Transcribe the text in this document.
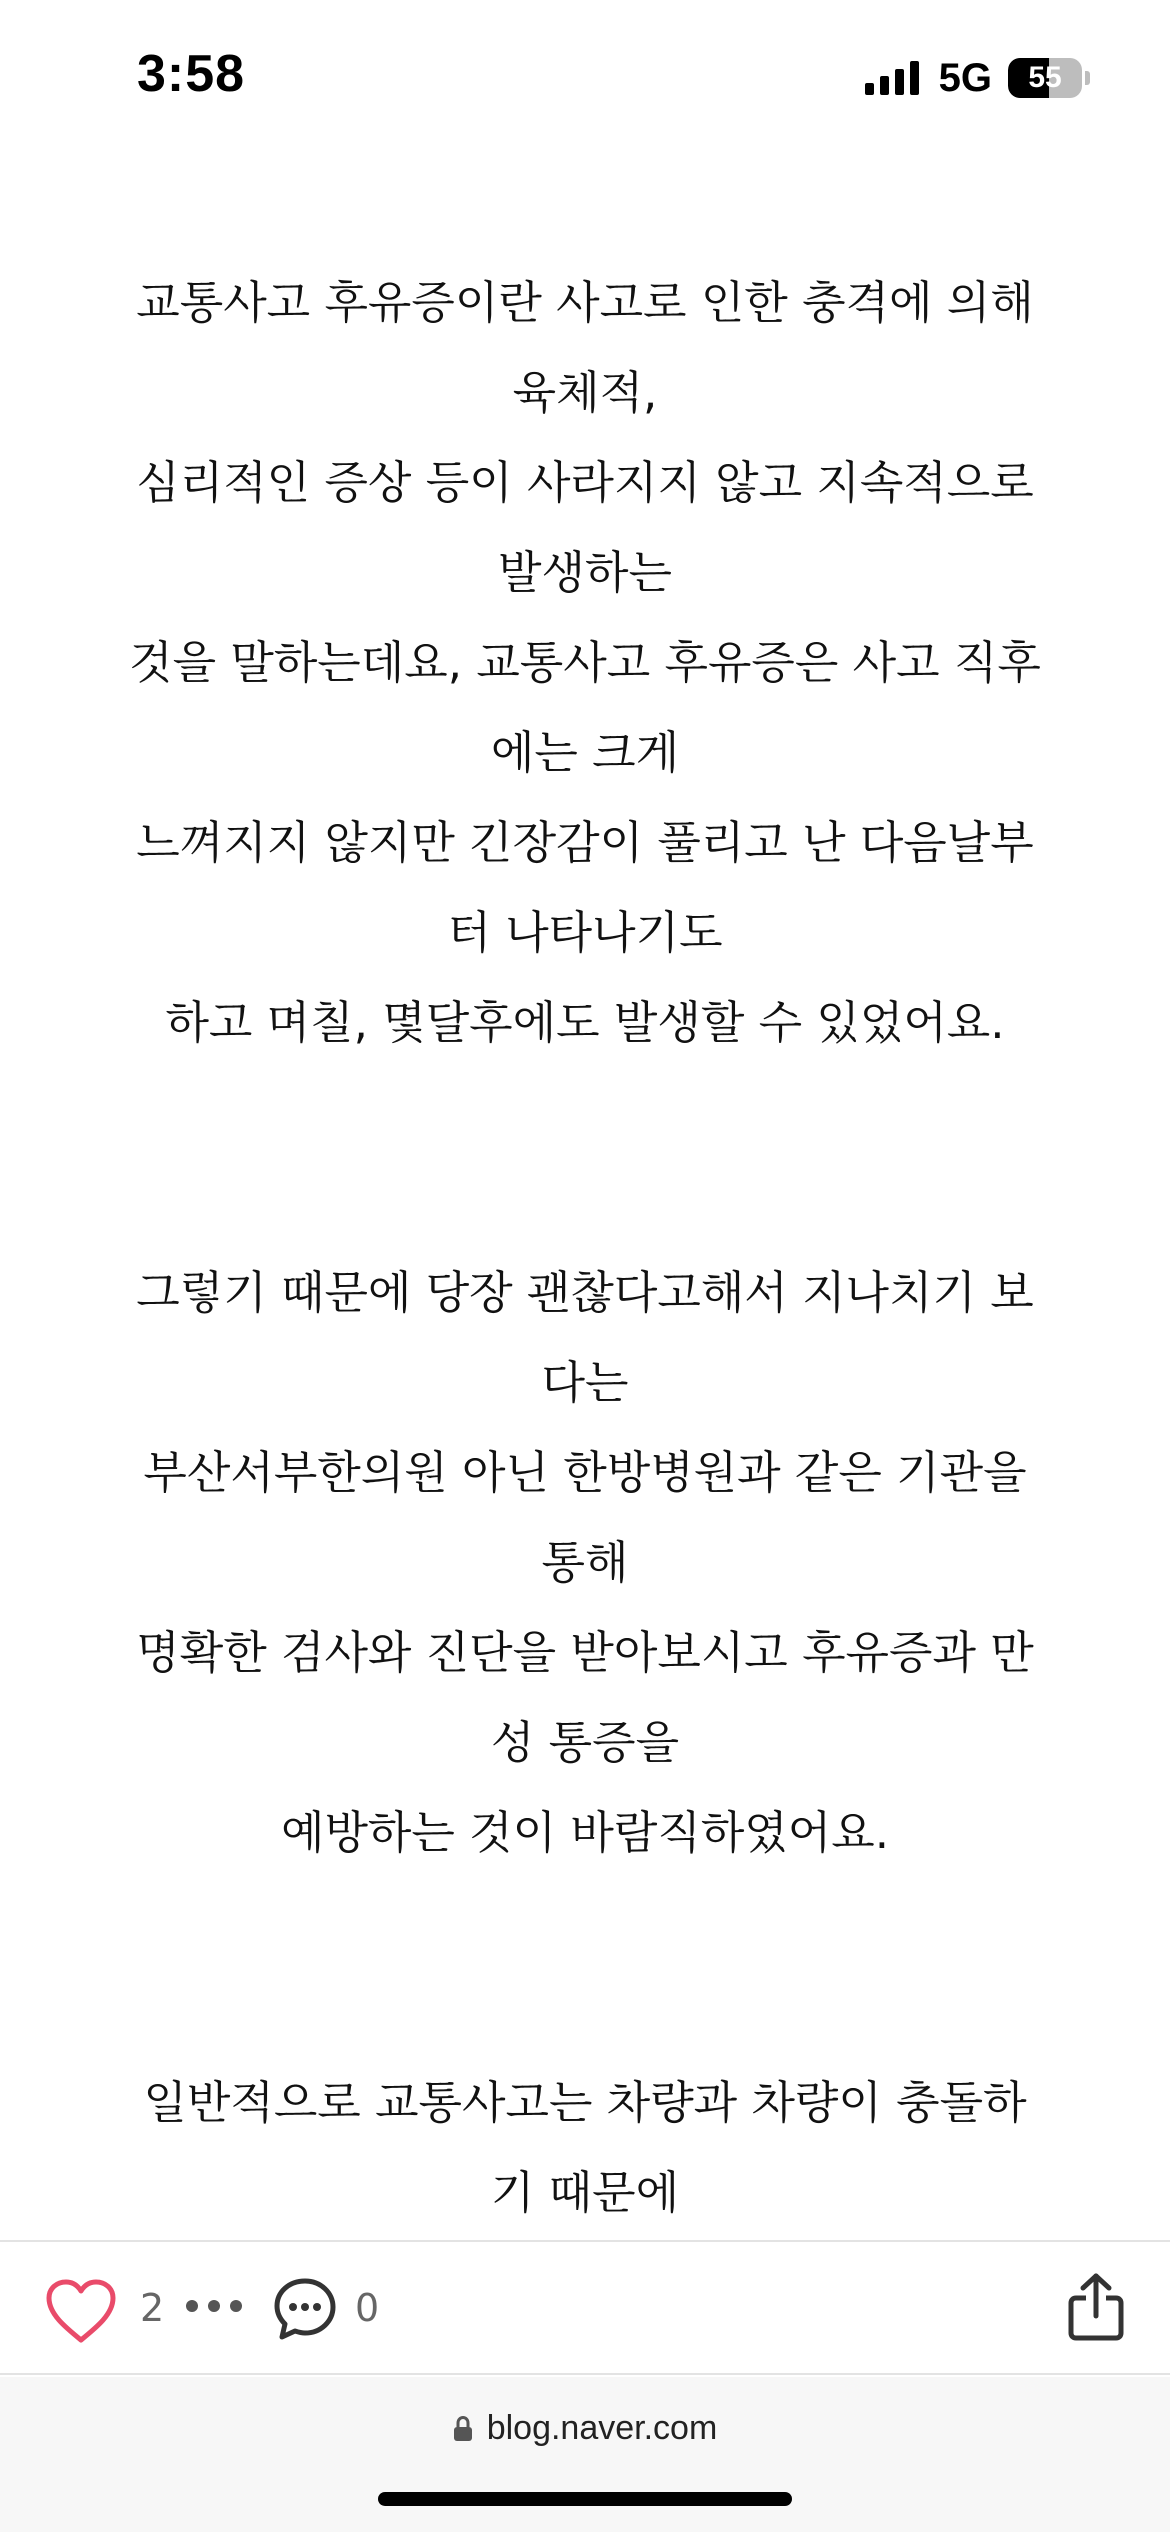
3:58	5G	55

교통사고 후유증이란 사고로 인한 충격에 의해
육체적,
심리적인 증상 등이 사라지지 않고 지속적으로
발생하는
것을 말하는데요, 교통사고 후유증은 사고 직후
에는 크게
느껴지지 않지만 긴장감이 풀리고 난 다음날부
터 나타나기도
하고 며칠, 몇달후에도 발생할 수 있었어요.

그렇기 때문에 당장 괜찮다고해서 지나치기 보
다는
부산서부한의원 아닌 한방병원과 같은 기관을
통해
명확한 검사와 진단을 받아보시고 후유증과 만
성 통증을
예방하는 것이 바람직하였어요.

일반적으로 교통사고는 차량과 차량이 충돌하
기 때문에

2	0
blog.naver.com
